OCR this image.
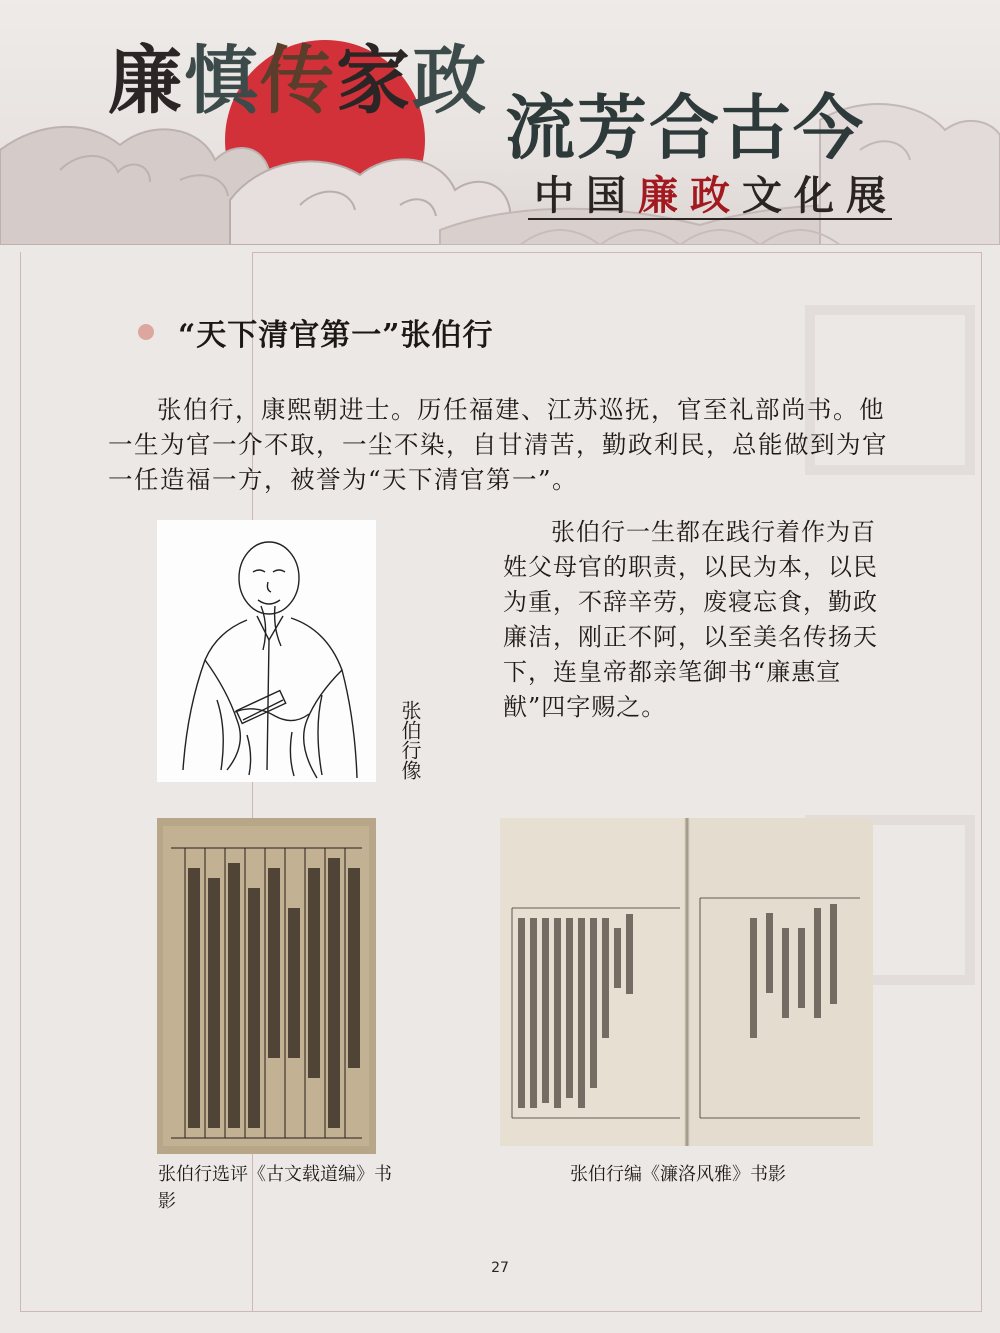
廉慎传家政
流芳合古今
中 国 廉 政 文 化 展
“天下清官第一”张伯行

张伯行，康熙朝进士。历任福建、江苏巡抚，官至礼部尚书。他一生为官一介不取，一尘不染，自甘清苦，勤政利民，总能做到为官一任造福一方，被誉为“天下清官第一”。

张伯行像

张伯行一生都在践行着作为百姓父母官的职责，以民为本，以民为重，不辞辛劳，废寝忘食，勤政廉洁，刚正不阿，以至美名传扬天下，连皇帝都亲笔御书“廉惠宣猷”四字赐之。

张伯行选评《古文载道编》书影
张伯行编《濂洛风雅》书影
27
